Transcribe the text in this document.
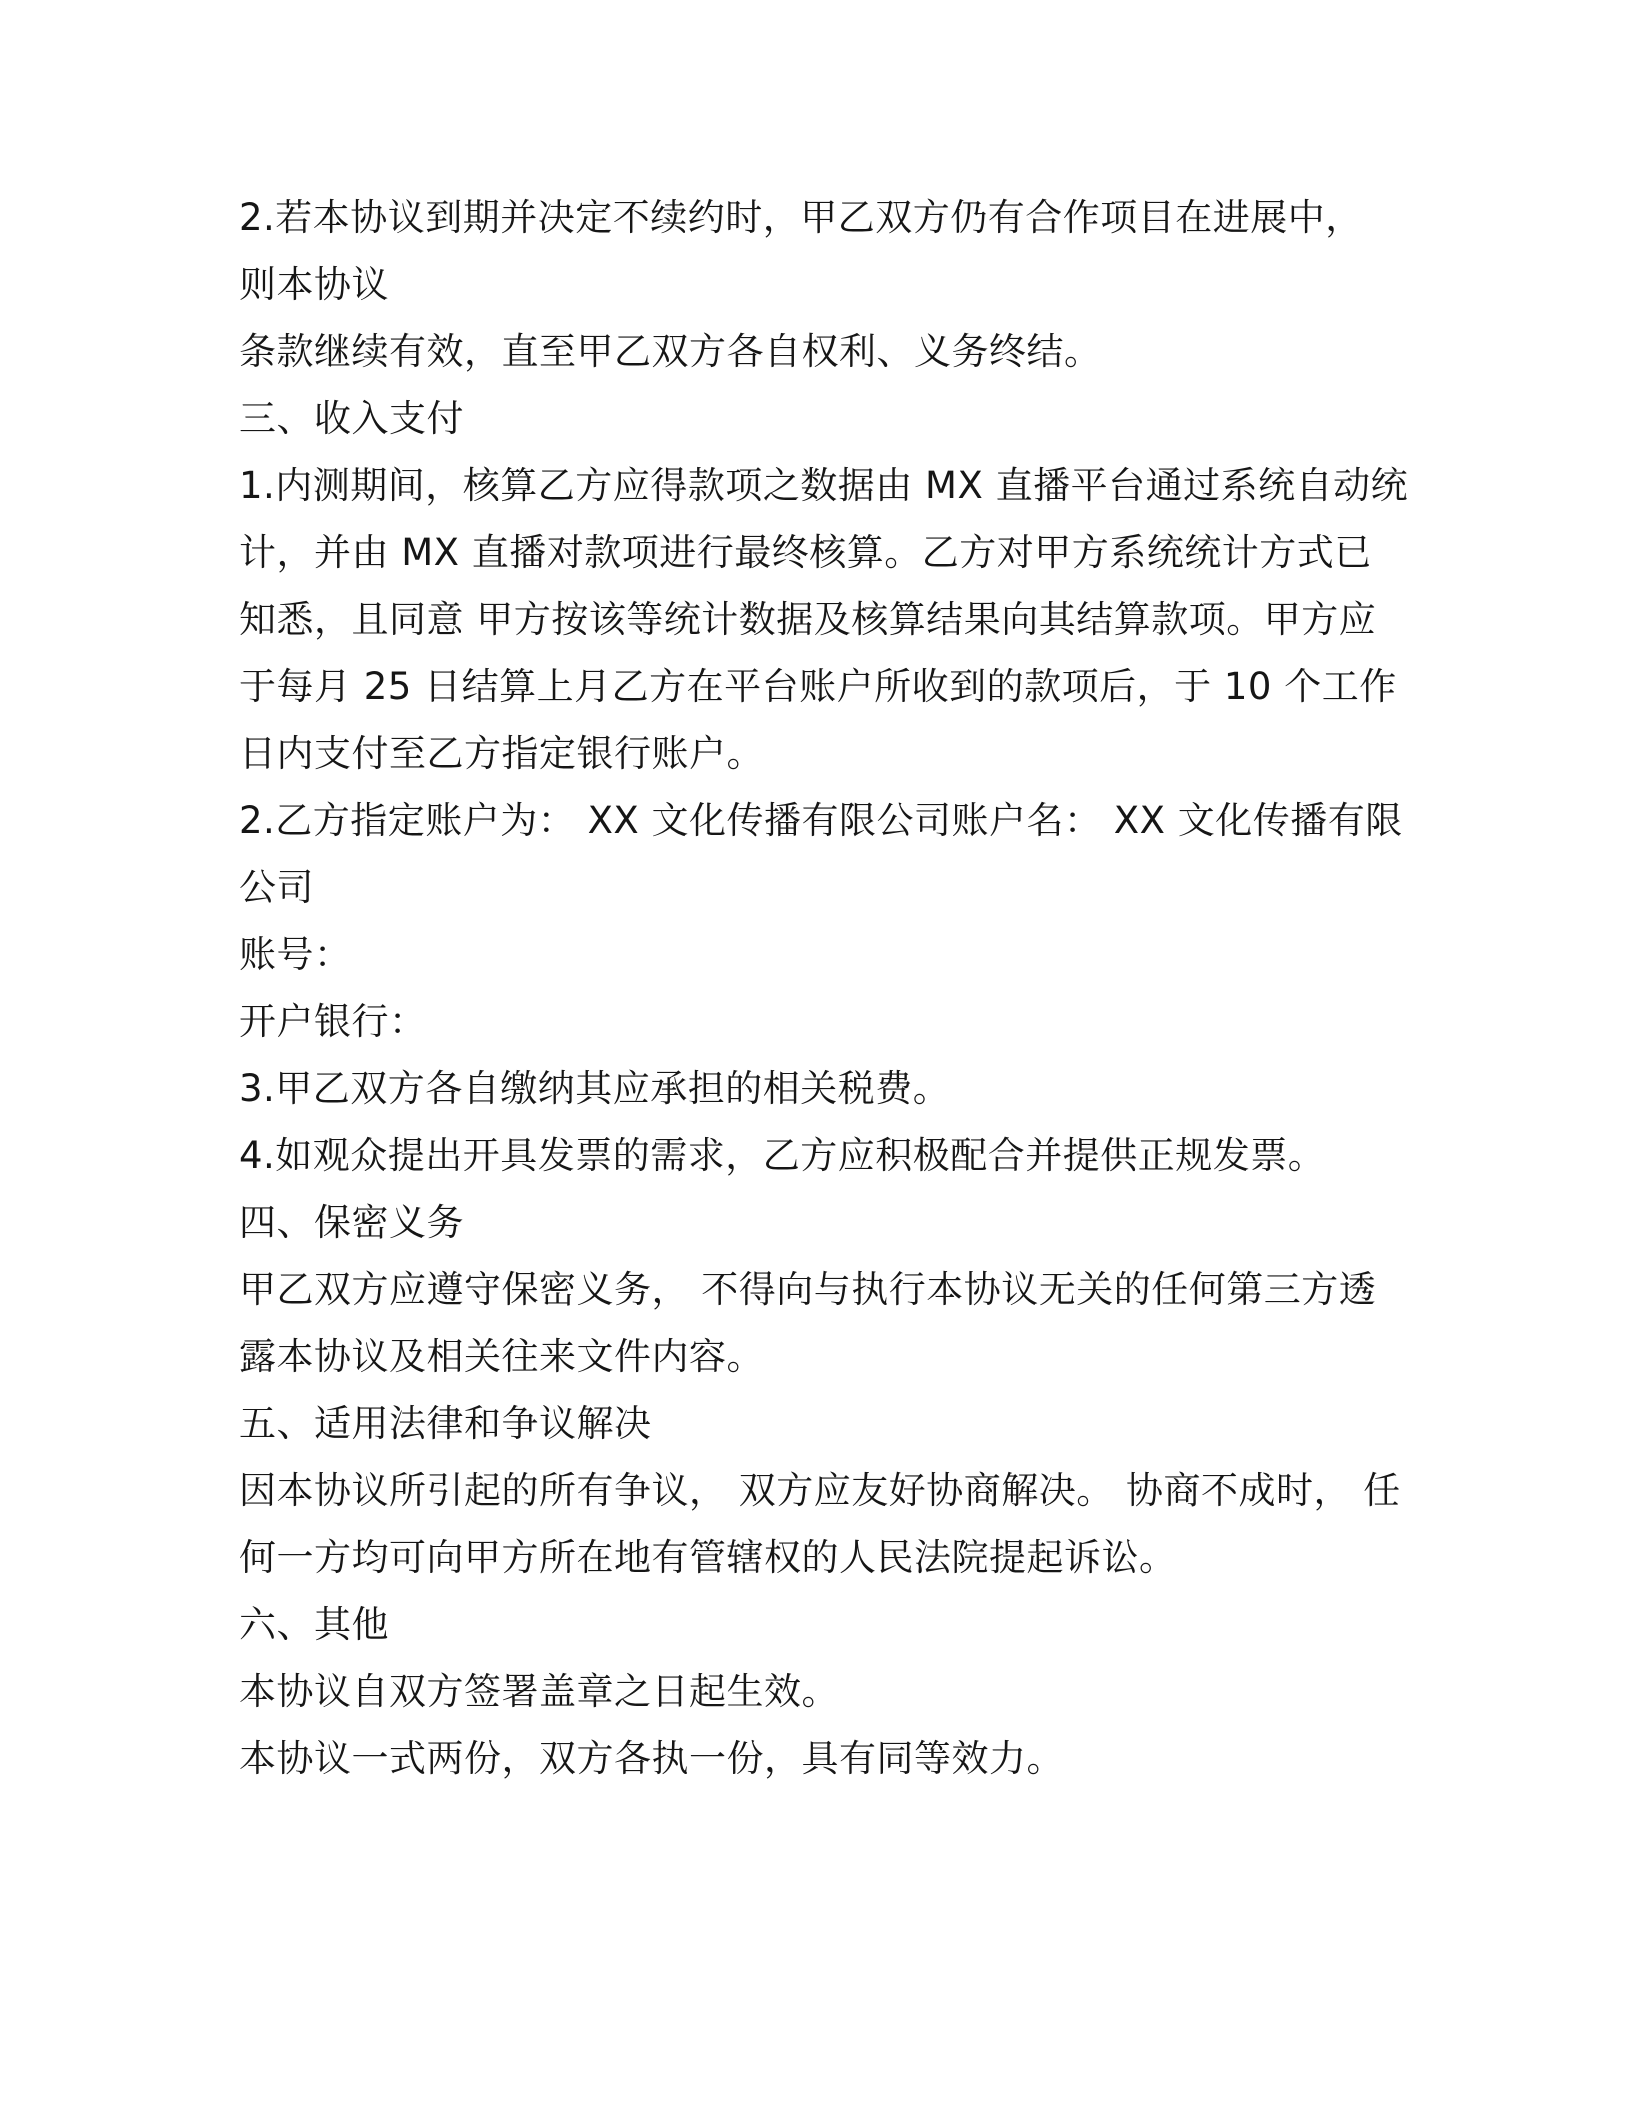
2.若本协议到期并决定不续约时，甲乙双方仍有合作项目在进展中，
则本协议
条款继续有效，直至甲乙双方各自权利、义务终结。
三、收入支付
1.内测期间，核算乙方应得款项之数据由 MX 直播平台通过系统自动统
计，并由 MX 直播对款项进行最终核算。乙方对甲方系统统计方式已
知悉，且同意 甲方按该等统计数据及核算结果向其结算款项。甲方应
于每月 25 日结算上月乙方在平台账户所收到的款项后，于 10 个工作
日内支付至乙方指定银行账户。
2.乙方指定账户为： XX 文化传播有限公司账户名： XX 文化传播有限
公司
账号：
开户银行：
3.甲乙双方各自缴纳其应承担的相关税费。
4.如观众提出开具发票的需求，乙方应积极配合并提供正规发票。
四、保密义务
甲乙双方应遵守保密义务， 不得向与执行本协议无关的任何第三方透
露本协议及相关往来文件内容。
五、适用法律和争议解决
因本协议所引起的所有争议， 双方应友好协商解决。 协商不成时， 任
何一方均可向甲方所在地有管辖权的人民法院提起诉讼。
六、其他
本协议自双方签署盖章之日起生效。
本协议一式两份，双方各执一份，具有同等效力。
